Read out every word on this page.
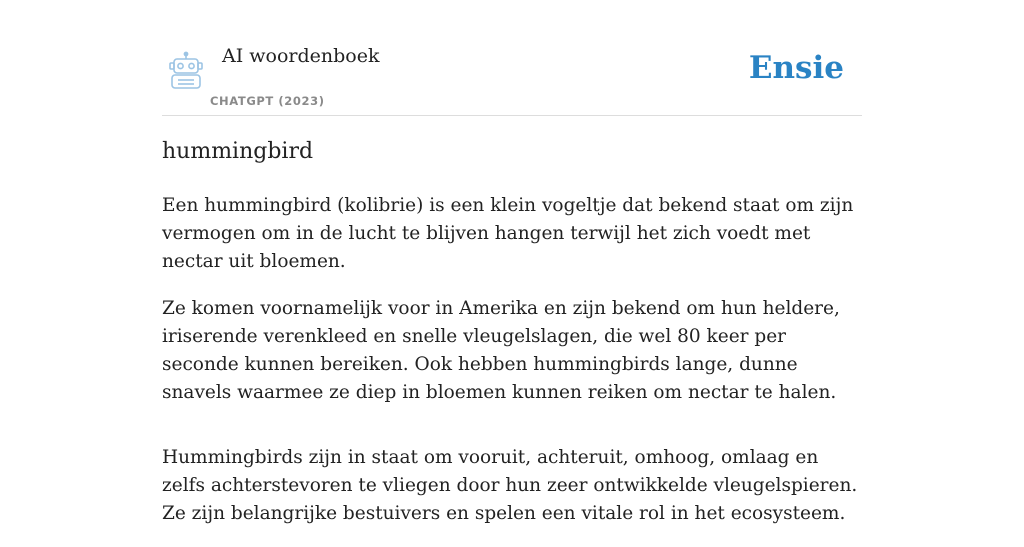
AI woordenboek
CHATGPT (2023)
Ensie
hummingbird

Een hummingbird (kolibrie) is een klein vogeltje dat bekend staat om zijn vermogen om in de lucht te blijven hangen terwijl het zich voedt met nectar uit bloemen.

Ze komen voornamelijk voor in Amerika en zijn bekend om hun heldere, iriserende verenkleed en snelle vleugelslagen, die wel 80 keer per seconde kunnen bereiken. Ook hebben hummingbirds lange, dunne snavels waarmee ze diep in bloemen kunnen reiken om nectar te halen.

Hummingbirds zijn in staat om vooruit, achteruit, omhoog, omlaag en zelfs achterstevoren te vliegen door hun zeer ontwikkelde vleugelspieren. Ze zijn belangrijke bestuivers en spelen een vitale rol in het ecosysteem.
